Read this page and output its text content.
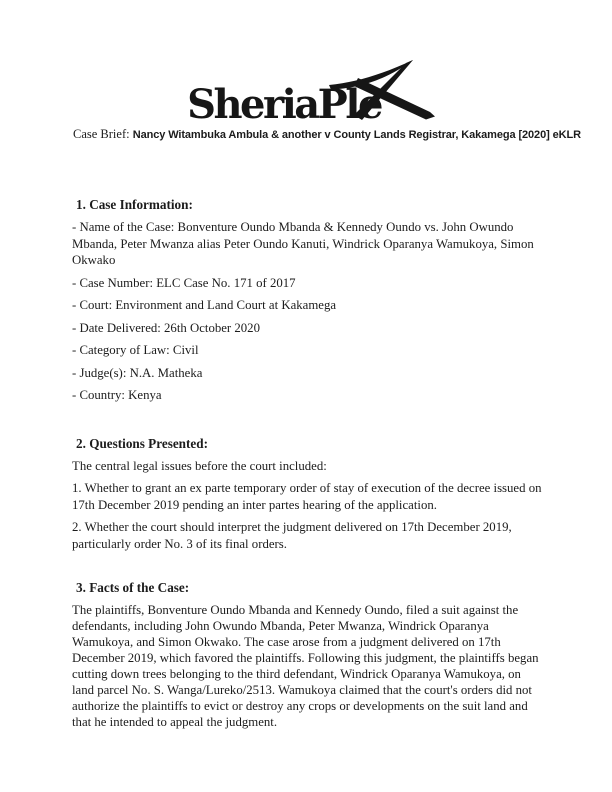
SheriaPle
Case Brief: Nancy Witambuka Ambula & another v County Lands Registrar, Kakamega [2020] eKLR
1. Case Information:

- Name of the Case: Bonventure Oundo Mbanda & Kennedy Oundo vs. John Owundo Mbanda, Peter Mwanza alias Peter Oundo Kanuti, Windrick Oparanya Wamukoya, Simon Okwako

- Case Number: ELC Case No. 171 of 2017

- Court: Environment and Land Court at Kakamega

- Date Delivered: 26th October 2020

- Category of Law: Civil

- Judge(s): N.A. Matheka

- Country: Kenya

2. Questions Presented:

The central legal issues before the court included:

1. Whether to grant an ex parte temporary order of stay of execution of the decree issued on 17th December 2019 pending an inter partes hearing of the application.

2. Whether the court should interpret the judgment delivered on 17th December 2019, particularly order No. 3 of its final orders.

3. Facts of the Case:

The plaintiffs, Bonventure Oundo Mbanda and Kennedy Oundo, filed a suit against the defendants, including John Owundo Mbanda, Peter Mwanza, Windrick Oparanya Wamukoya, and Simon Okwako. The case arose from a judgment delivered on 17th December 2019, which favored the plaintiffs. Following this judgment, the plaintiffs began cutting down trees belonging to the third defendant, Windrick Oparanya Wamukoya, on land parcel No. S. Wanga/Lureko/2513. Wamukoya claimed that the court's orders did not authorize the plaintiffs to evict or destroy any crops or developments on the suit land and that he intended to appeal the judgment.
